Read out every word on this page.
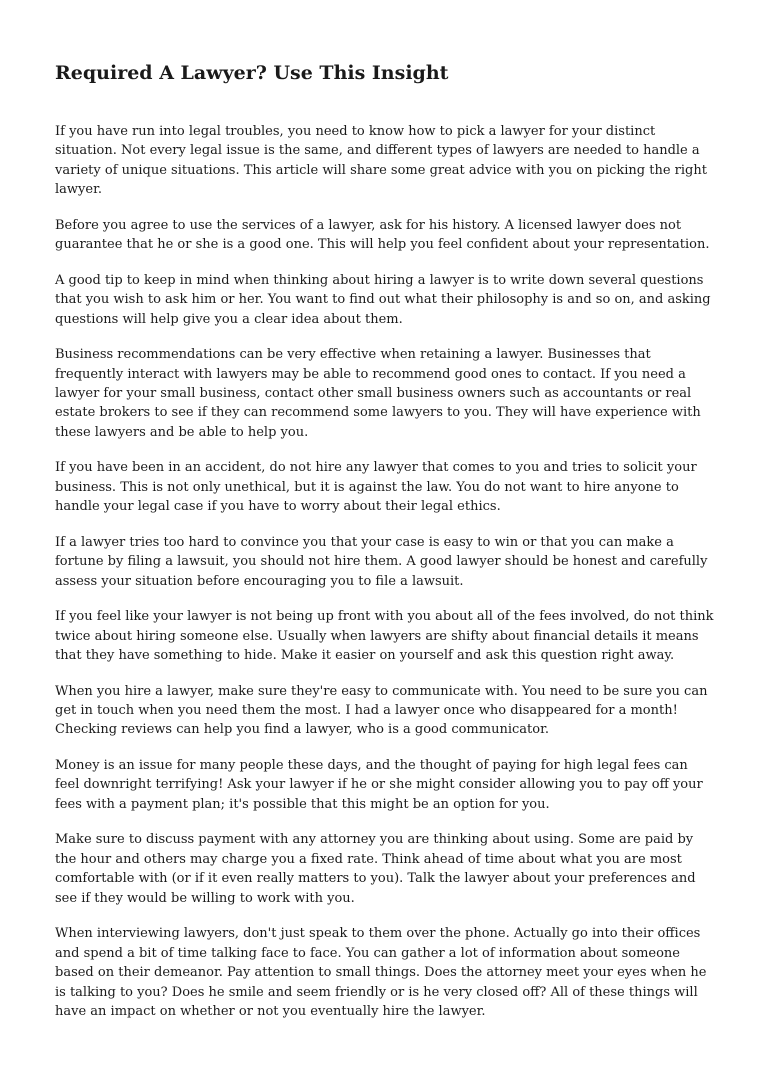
Required A Lawyer? Use This Insight

If you have run into legal troubles, you need to know how to pick a lawyer for your distinct situation. Not every legal issue is the same, and different types of lawyers are needed to handle a variety of unique situations. This article will share some great advice with you on picking the right lawyer.

Before you agree to use the services of a lawyer, ask for his history. A licensed lawyer does not guarantee that he or she is a good one. This will help you feel confident about your representation.

A good tip to keep in mind when thinking about hiring a lawyer is to write down several questions that you wish to ask him or her. You want to find out what their philosophy is and so on, and asking questions will help give you a clear idea about them.

Business recommendations can be very effective when retaining a lawyer. Businesses that frequently interact with lawyers may be able to recommend good ones to contact. If you need a lawyer for your small business, contact other small business owners such as accountants or real estate brokers to see if they can recommend some lawyers to you. They will have experience with these lawyers and be able to help you.

If you have been in an accident, do not hire any lawyer that comes to you and tries to solicit your business. This is not only unethical, but it is against the law. You do not want to hire anyone to handle your legal case if you have to worry about their legal ethics.

If a lawyer tries too hard to convince you that your case is easy to win or that you can make a fortune by filing a lawsuit, you should not hire them. A good lawyer should be honest and carefully assess your situation before encouraging you to file a lawsuit.

If you feel like your lawyer is not being up front with you about all of the fees involved, do not think twice about hiring someone else. Usually when lawyers are shifty about financial details it means that they have something to hide. Make it easier on yourself and ask this question right away.

When you hire a lawyer, make sure they're easy to communicate with. You need to be sure you can get in touch when you need them the most. I had a lawyer once who disappeared for a month! Checking reviews can help you find a lawyer, who is a good communicator.

Money is an issue for many people these days, and the thought of paying for high legal fees can feel downright terrifying! Ask your lawyer if he or she might consider allowing you to pay off your fees with a payment plan; it's possible that this might be an option for you.

Make sure to discuss payment with any attorney you are thinking about using. Some are paid by the hour and others may charge you a fixed rate. Think ahead of time about what you are most comfortable with (or if it even really matters to you). Talk the lawyer about your preferences and see if they would be willing to work with you.

When interviewing lawyers, don't just speak to them over the phone. Actually go into their offices and spend a bit of time talking face to face. You can gather a lot of information about someone based on their demeanor. Pay attention to small things. Does the attorney meet your eyes when he is talking to you? Does he smile and seem friendly or is he very closed off? All of these things will have an impact on whether or not you eventually hire the lawyer.
